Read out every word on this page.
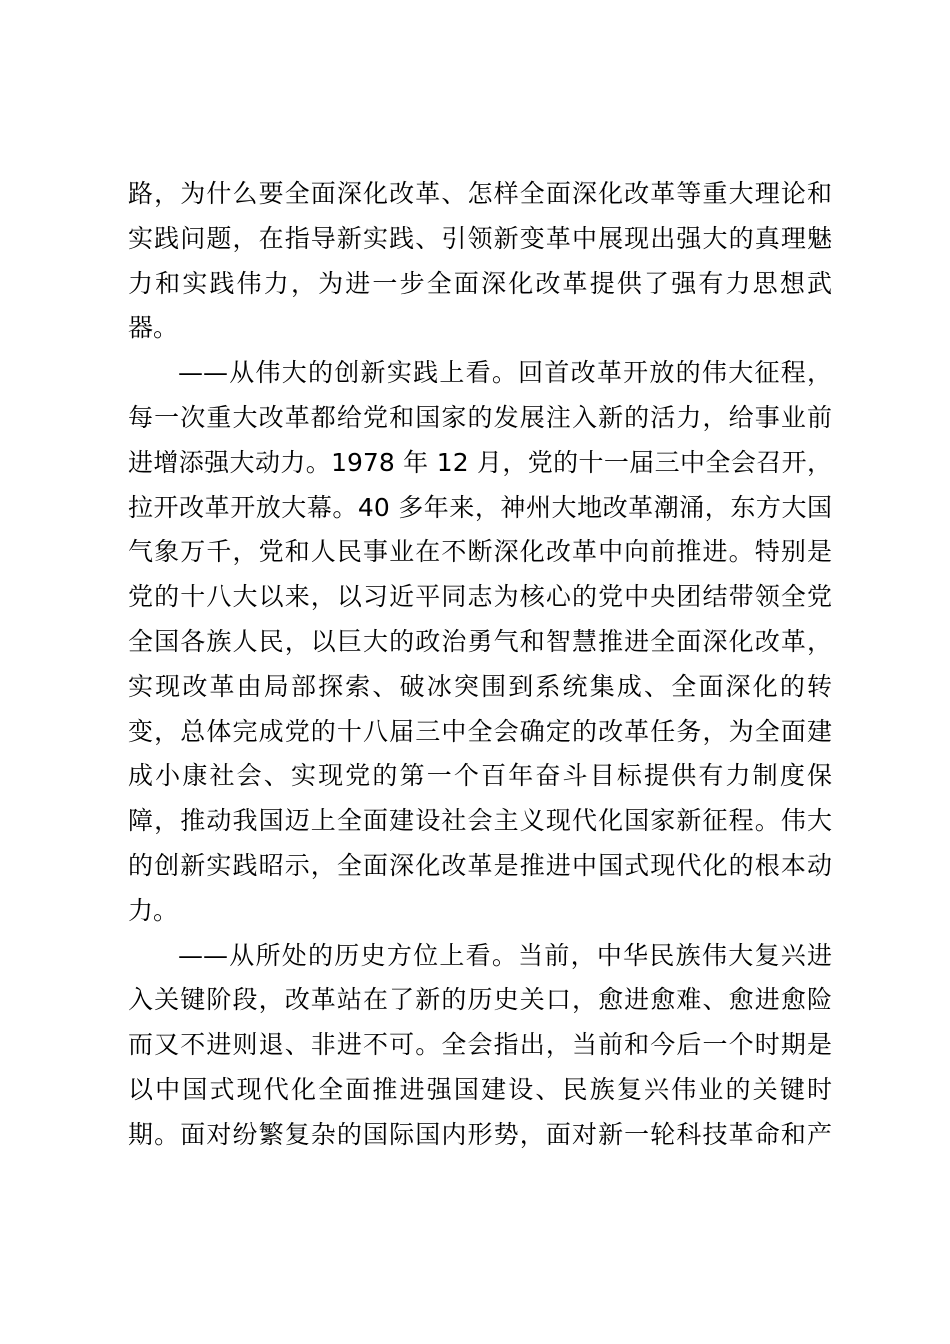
路，为什么要全面深化改革、怎样全面深化改革等重大理论和
实践问题，在指导新实践、引领新变革中展现出强大的真理魅
力和实践伟力，为进一步全面深化改革提供了强有力思想武
器。
——从伟大的创新实践上看。回首改革开放的伟大征程，
每一次重大改革都给党和国家的发展注入新的活力，给事业前
进增添强大动力。1978 年 12 月，党的十一届三中全会召开，
拉开改革开放大幕。40 多年来，神州大地改革潮涌，东方大国
气象万千，党和人民事业在不断深化改革中向前推进。特别是
党的十八大以来，以习近平同志为核心的党中央团结带领全党
全国各族人民，以巨大的政治勇气和智慧推进全面深化改革，
实现改革由局部探索、破冰突围到系统集成、全面深化的转
变，总体完成党的十八届三中全会确定的改革任务，为全面建
成小康社会、实现党的第一个百年奋斗目标提供有力制度保
障，推动我国迈上全面建设社会主义现代化国家新征程。伟大
的创新实践昭示，全面深化改革是推进中国式现代化的根本动
力。
——从所处的历史方位上看。当前，中华民族伟大复兴进
入关键阶段，改革站在了新的历史关口，愈进愈难、愈进愈险
而又不进则退、非进不可。全会指出，当前和今后一个时期是
以中国式现代化全面推进强国建设、民族复兴伟业的关键时
期。面对纷繁复杂的国际国内形势，面对新一轮科技革命和产
